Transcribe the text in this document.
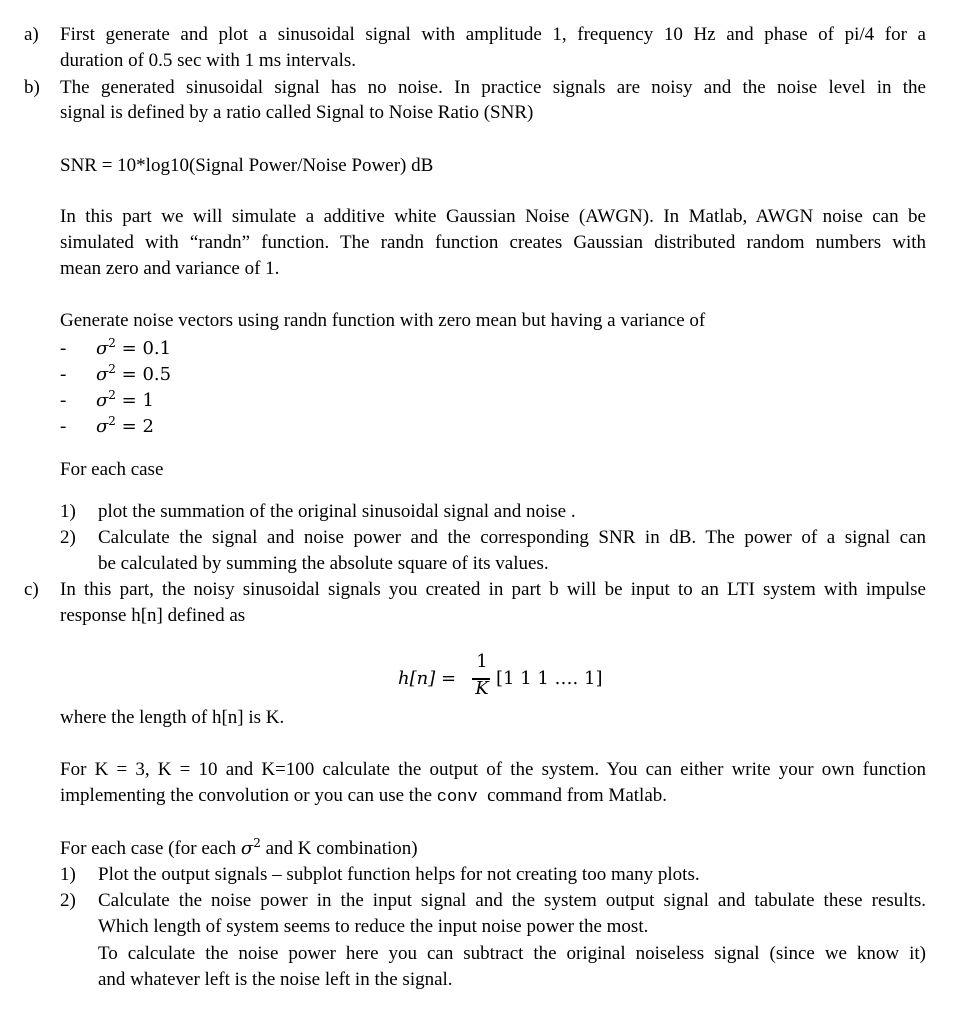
a) First generate and plot a sinusoidal signal with amplitude 1, frequency 10 Hz and phase of pi/4 for a
duration of 0.5 sec with 1 ms intervals.
b) The generated sinusoidal signal has no noise. In practice signals are noisy and the noise level in the
signal is defined by a ratio called Signal to Noise Ratio (SNR)
SNR = 10*log10(Signal Power/Noise Power) dB
In this part we will simulate a additive white Gaussian Noise (AWGN). In Matlab, AWGN noise can be
simulated with “randn” function. The randn function creates Gaussian distributed random numbers with
mean zero and variance of 1.
Generate noise vectors using randn function with zero mean but having a variance of
- $\sigma^2 = 0.1$
- $\sigma^2 = 0.5$
- $\sigma^2 = 1$
- $\sigma^2 = 2$
For each case
1) plot the summation of the original sinusoidal signal and noise .
2) Calculate the signal and noise power and the corresponding SNR in dB. The power of a signal can
be calculated by summing the absolute square of its values.
c) In this part, the noisy sinusoidal signals you created in part b will be input to an LTI system with impulse
response h[n] defined as
h[n] =
1
K [1 1 1 …. 1]
where the length of h[n] is K.
For K = 3, K = 10 and K=100 calculate the output of the system. You can either write your own function
implementing the convolution or you can use the conv command from Matlab.
For each case (for each $\sigma^2$ and K combination)
1) Plot the output signals – subplot function helps for not creating too many plots.
2) Calculate the noise power in the input signal and the system output signal and tabulate these results.
Which length of system seems to reduce the input noise power the most.
To calculate the noise power here you can subtract the original noiseless signal (since we know it)
and whatever left is the noise left in the signal.
